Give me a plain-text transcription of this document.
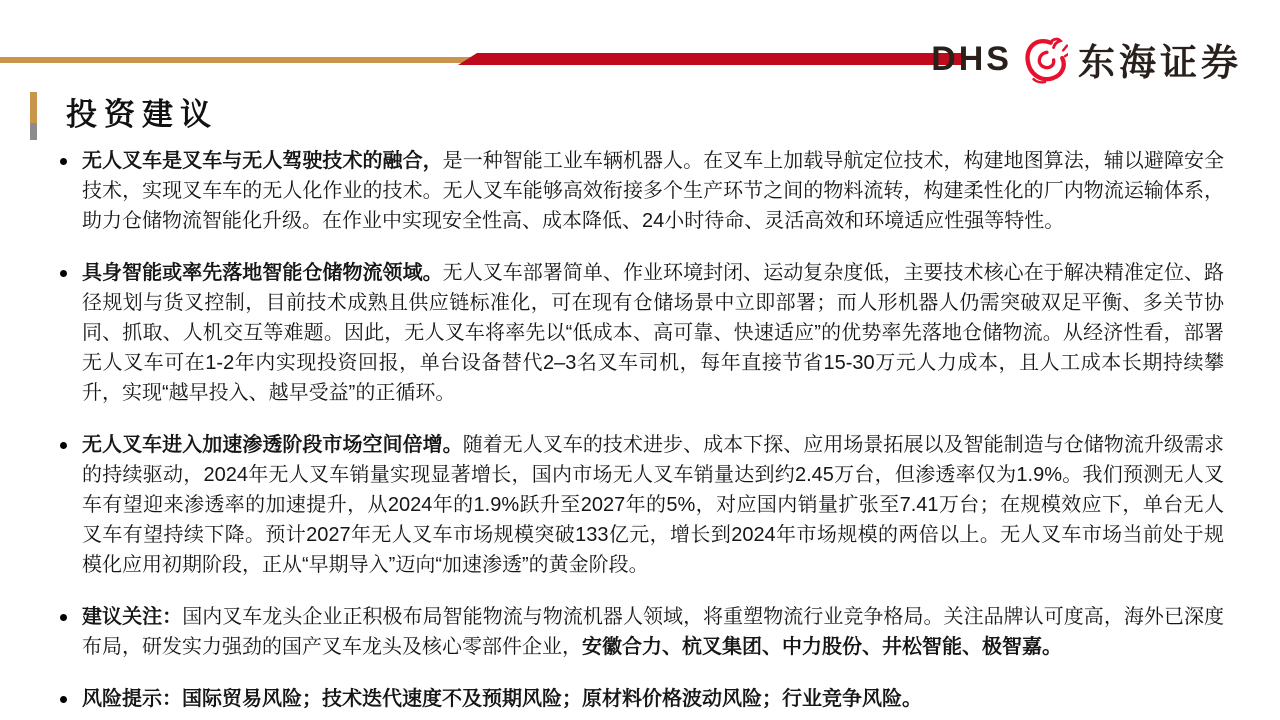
DHS 东海证券
投资建议
无人叉车是叉车与无人驾驶技术的融合，是一种智能工业车辆机器人。在叉车上加载导航定位技术，构建地图算法，辅以避障安全技术，实现叉车车的无人化作业的技术。无人叉车能够高效衔接多个生产环节之间的物料流转，构建柔性化的厂内物流运输体系，助力仓储物流智能化升级。在作业中实现安全性高、成本降低、24小时待命、灵活高效和环境适应性强等特性。
具身智能或率先落地智能仓储物流领域。无人叉车部署简单、作业环境封闭、运动复杂度低，主要技术核心在于解决精准定位、路径规划与货叉控制，目前技术成熟且供应链标准化，可在现有仓储场景中立即部署；而人形机器人仍需突破双足平衡、多关节协同、抓取、人机交互等难题。因此，无人叉车将率先以“低成本、高可靠、快速适应”的优势率先落地仓储物流。从经济性看，部署无人叉车可在1-2年内实现投资回报，单台设备替代2–3名叉车司机，每年直接节省15-30万元人力成本，且人工成本长期持续攀升，实现“越早投入、越早受益”的正循环。
无人叉车进入加速渗透阶段市场空间倍增。随着无人叉车的技术进步、成本下探、应用场景拓展以及智能制造与仓储物流升级需求的持续驱动，2024年无人叉车销量实现显著增长，国内市场无人叉车销量达到约2.45万台，但渗透率仅为1.9%。我们预测无人叉车有望迎来渗透率的加速提升，从2024年的1.9%跃升至2027年的5%，对应国内销量扩张至7.41万台；在规模效应下，单台无人叉车有望持续下降。预计2027年无人叉车市场规模突破133亿元，增长到2024年市场规模的两倍以上。无人叉车市场当前处于规模化应用初期阶段，正从“早期导入”迈向“加速渗透”的黄金阶段。
建议关注：国内叉车龙头企业正积极布局智能物流与物流机器人领域，将重塑物流行业竞争格局。关注品牌认可度高，海外已深度布局，研发实力强劲的国产叉车龙头及核心零部件企业，安徽合力、杭叉集团、中力股份、井松智能、极智嘉。
风险提示：国际贸易风险；技术迭代速度不及预期风险；原材料价格波动风险；行业竞争风险。
